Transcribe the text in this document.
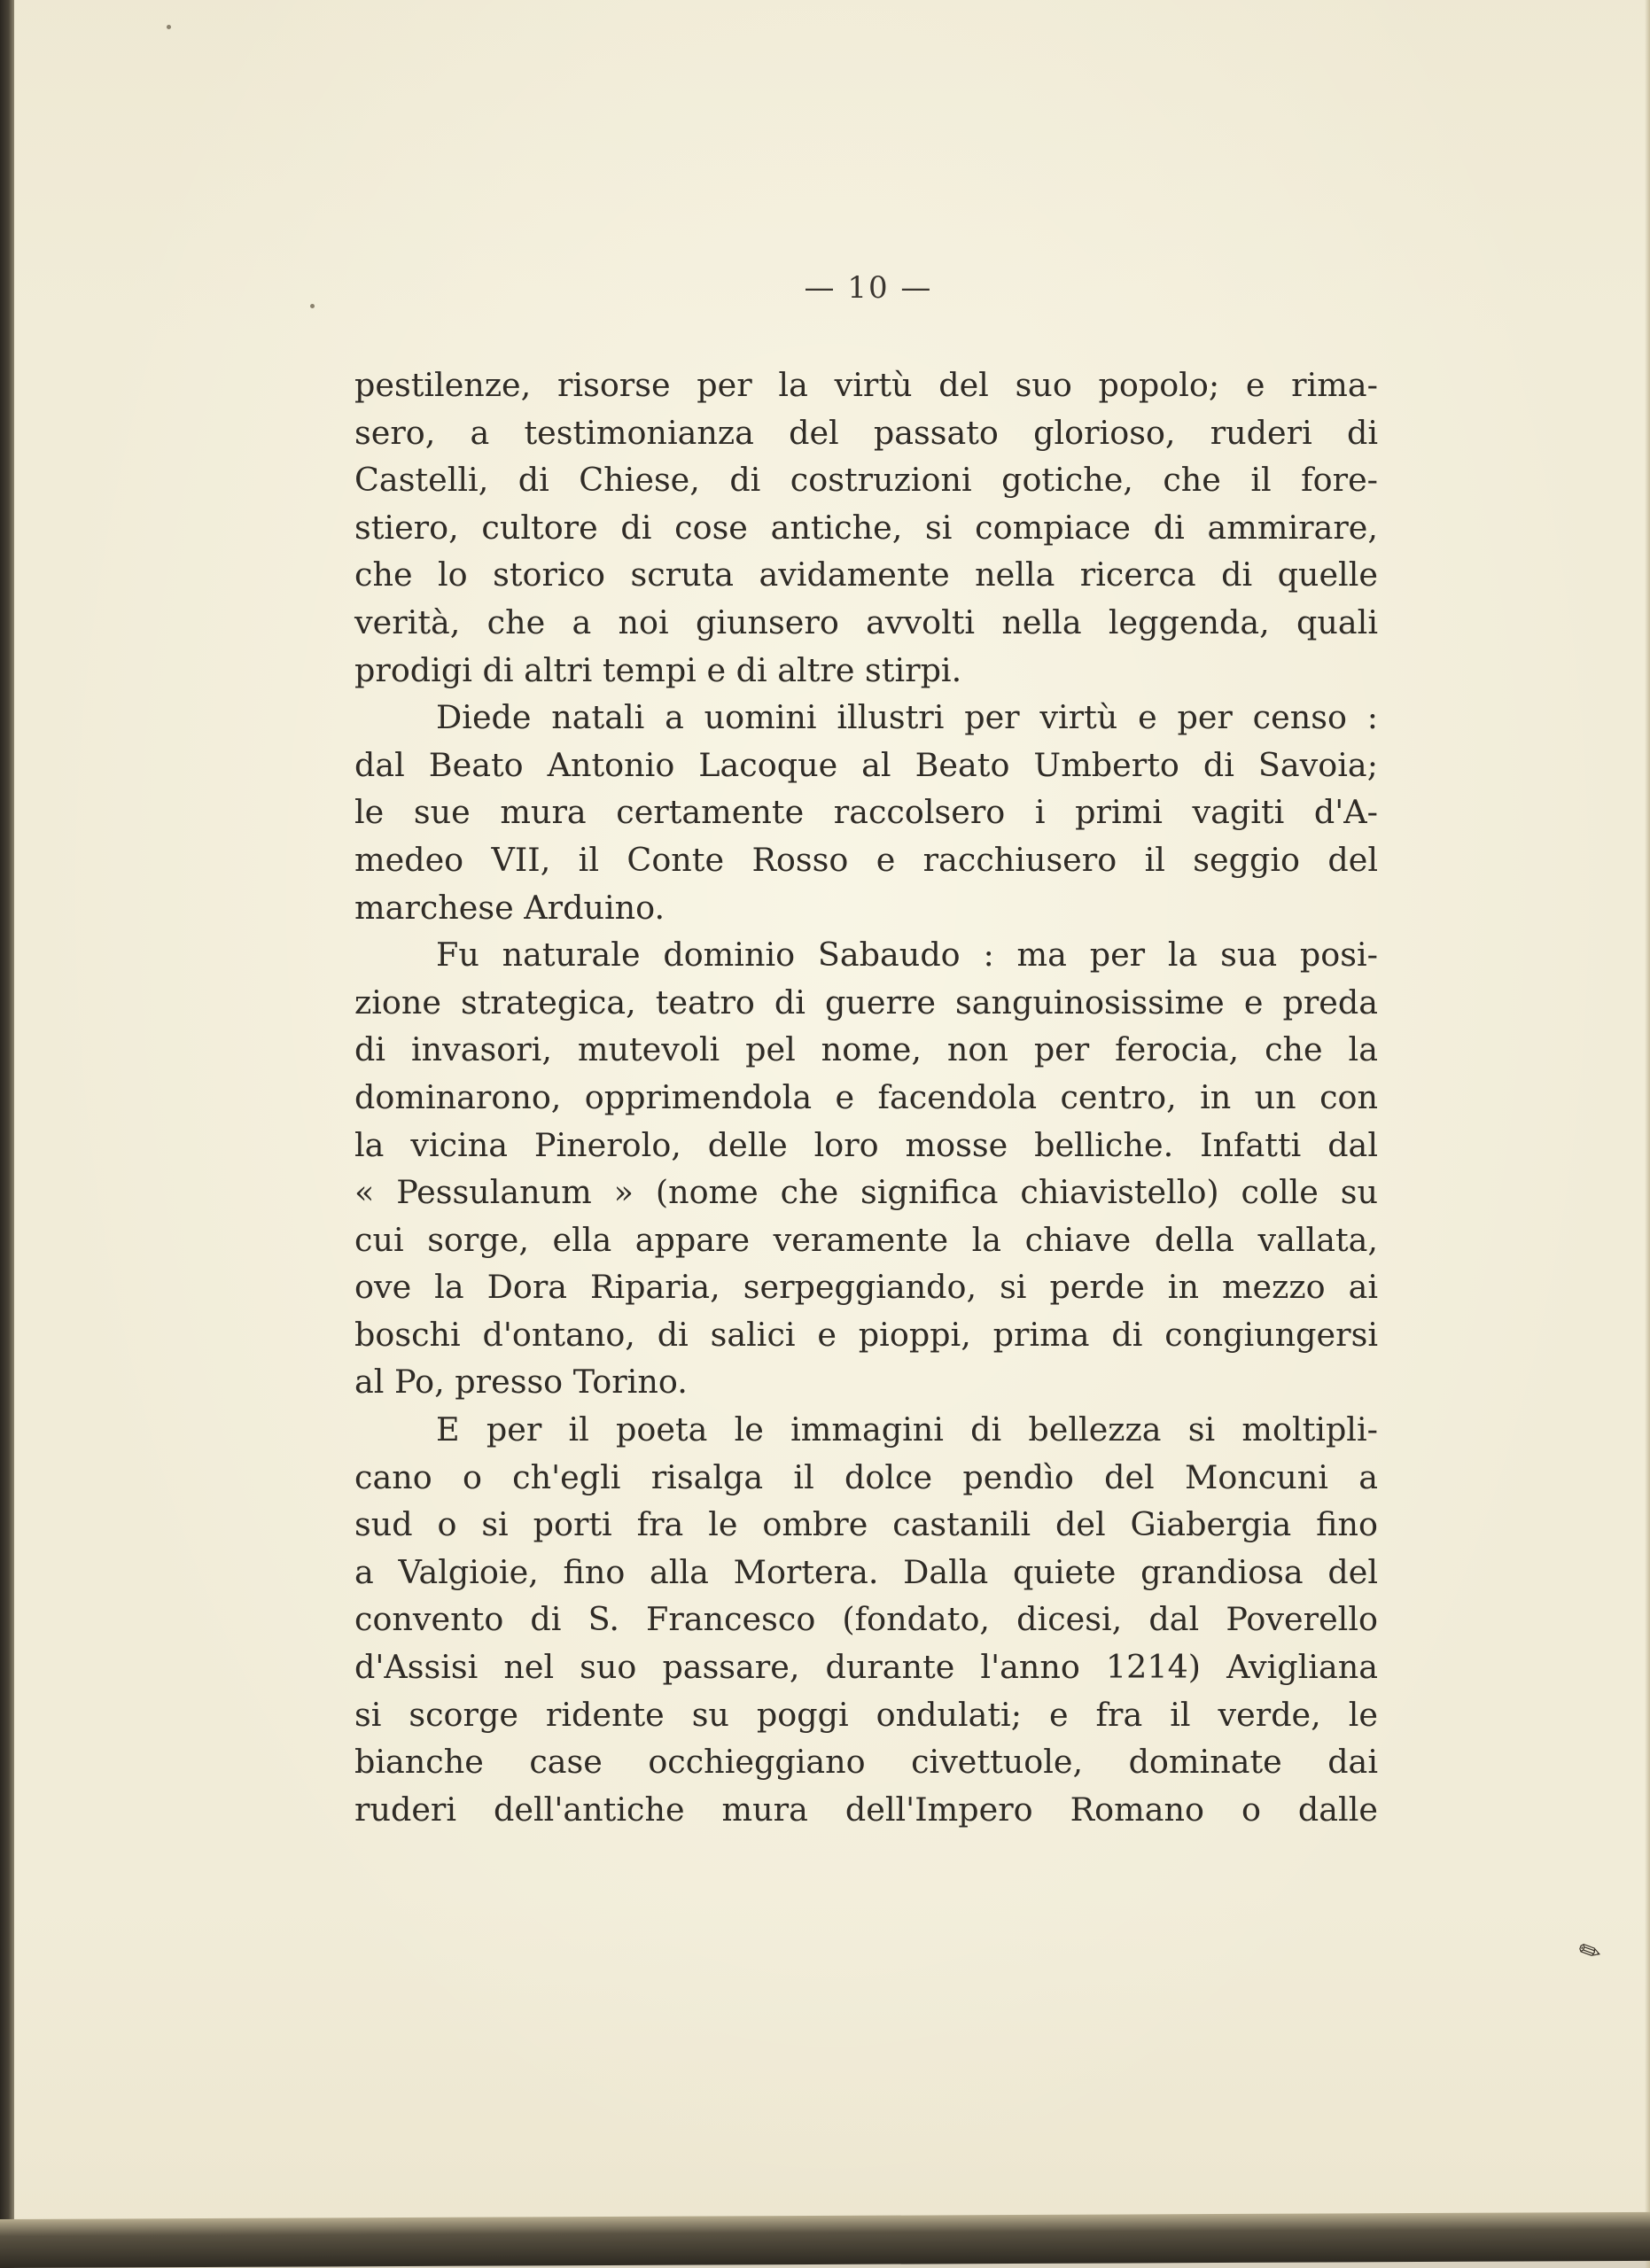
— 10 —
pestilenze, risorse per la virtù del suo popolo; e rima-
sero, a testimonianza del passato glorioso, ruderi di
Castelli, di Chiese, di costruzioni gotiche, che il fore-
stiero, cultore di cose antiche, si compiace di ammirare,
che lo storico scruta avidamente nella ricerca di quelle
verità, che a noi giunsero avvolti nella leggenda, quali
prodigi di altri tempi e di altre stirpi.
Diede natali a uomini illustri per virtù e per censo :
dal Beato Antonio Lacoque al Beato Umberto di Savoia;
le sue mura certamente raccolsero i primi vagiti d'A-
medeo VII, il Conte Rosso e racchiusero il seggio del
marchese Arduino.
Fu naturale dominio Sabaudo : ma per la sua posi-
zione strategica, teatro di guerre sanguinosissime e preda
di invasori, mutevoli pel nome, non per ferocia, che la
dominarono, opprimendola e facendola centro, in un con
la vicina Pinerolo, delle loro mosse belliche. Infatti dal
« Pessulanum » (nome che significa chiavistello) colle su
cui sorge, ella appare veramente la chiave della vallata,
ove la Dora Riparia, serpeggiando, si perde in mezzo ai
boschi d'ontano, di salici e pioppi, prima di congiungersi
al Po, presso Torino.
E per il poeta le immagini di bellezza si moltipli-
cano o ch'egli risalga il dolce pendìo del Moncuni a
sud o si porti fra le ombre castanili del Giabergia fino
a Valgioie, fino alla Mortera. Dalla quiete grandiosa del
convento di S. Francesco (fondato, dicesi, dal Poverello
d'Assisi nel suo passare, durante l'anno 1214) Avigliana
si scorge ridente su poggi ondulati; e fra il verde, le
bianche case occhieggiano civettuole, dominate dai
ruderi dell'antiche mura dell'Impero Romano o dalle
✎
